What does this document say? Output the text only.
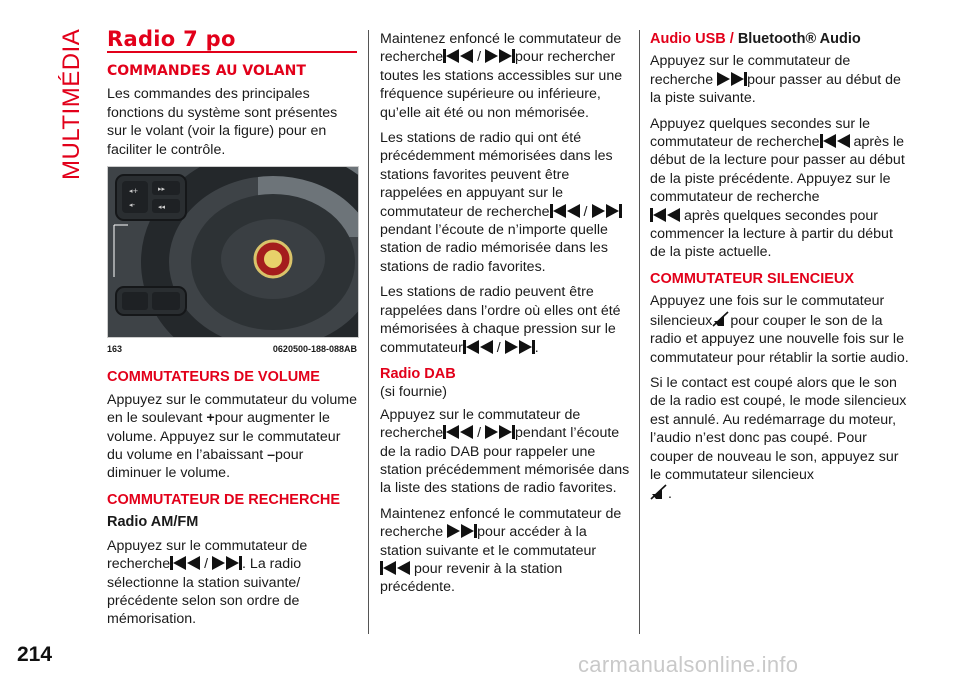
MULTIMÉDIA Radio 7 po
COMMANDES AU VOLANT

Les commandes des principales fonctions du système sont présentes sur le volant (voir la figure) pour en faciliter le contrôle.

◂+
◂-
▸▸
◂◂
163	0620500-188-088AB
COMMUTATEURS DE VOLUME

Appuyez sur le commutateur du volume en le soulevant +pour augmenter le volume. Appuyez sur le commutateur du volume en l’abaissant –pour diminuer le volume.

COMMUTATEUR DE RECHERCHE
Radio AM/FM

Appuyez sur le commutateur de recherche / . La radio sélectionne la station suivante/ précédente selon son ordre de mémorisation.

Maintenez enfoncé le commutateur de recherche / pour rechercher toutes les stations accessibles sur une fréquence supérieure ou inférieure, qu’elle ait été ou non mémorisée.

Les stations de radio qui ont été précédemment mémorisées dans les stations favorites peuvent être rappelées en appuyant sur le commutateur de recherche /
pendant l’écoute de n’importe quelle station de radio mémorisée dans les stations de radio favorites.

Les stations de radio peuvent être rappelées dans l’ordre où elles ont été mémorisées à chaque pression sur le commutateur / .

Radio DAB

(si fournie)

Appuyez sur le commutateur de recherche / pendant l’écoute de la radio DAB pour rappeler une station précédemment mémorisée dans la liste des stations de radio favorites.

Maintenez enfoncé le commutateur de recherche pour accéder à la station suivante et le commutateur

pour revenir à la station précédente.

Audio USB / Bluetooth® Audio

Appuyez sur le commutateur de recherche pour passer au début de la piste suivante.

Appuyez quelques secondes sur le commutateur de recherche après le début de la lecture pour passer au début de la piste précédente. Appuyez sur le commutateur de recherche

après quelques secondes pour commencer la lecture à partir du début de la piste actuelle.

COMMUTATEUR SILENCIEUX

Appuyez une fois sur le commutateur silencieux pour couper le son de la radio et appuyez une nouvelle fois sur le commutateur pour rétablir la sortie audio.

Si le contact est coupé alors que le son de la radio est coupé, le mode silencieux est annulé. Au redémarrage du moteur, l’audio n’est donc pas coupé. Pour couper de nouveau le son, appuyez sur le commutateur silencieux

.

214	carmanualsonline.info
